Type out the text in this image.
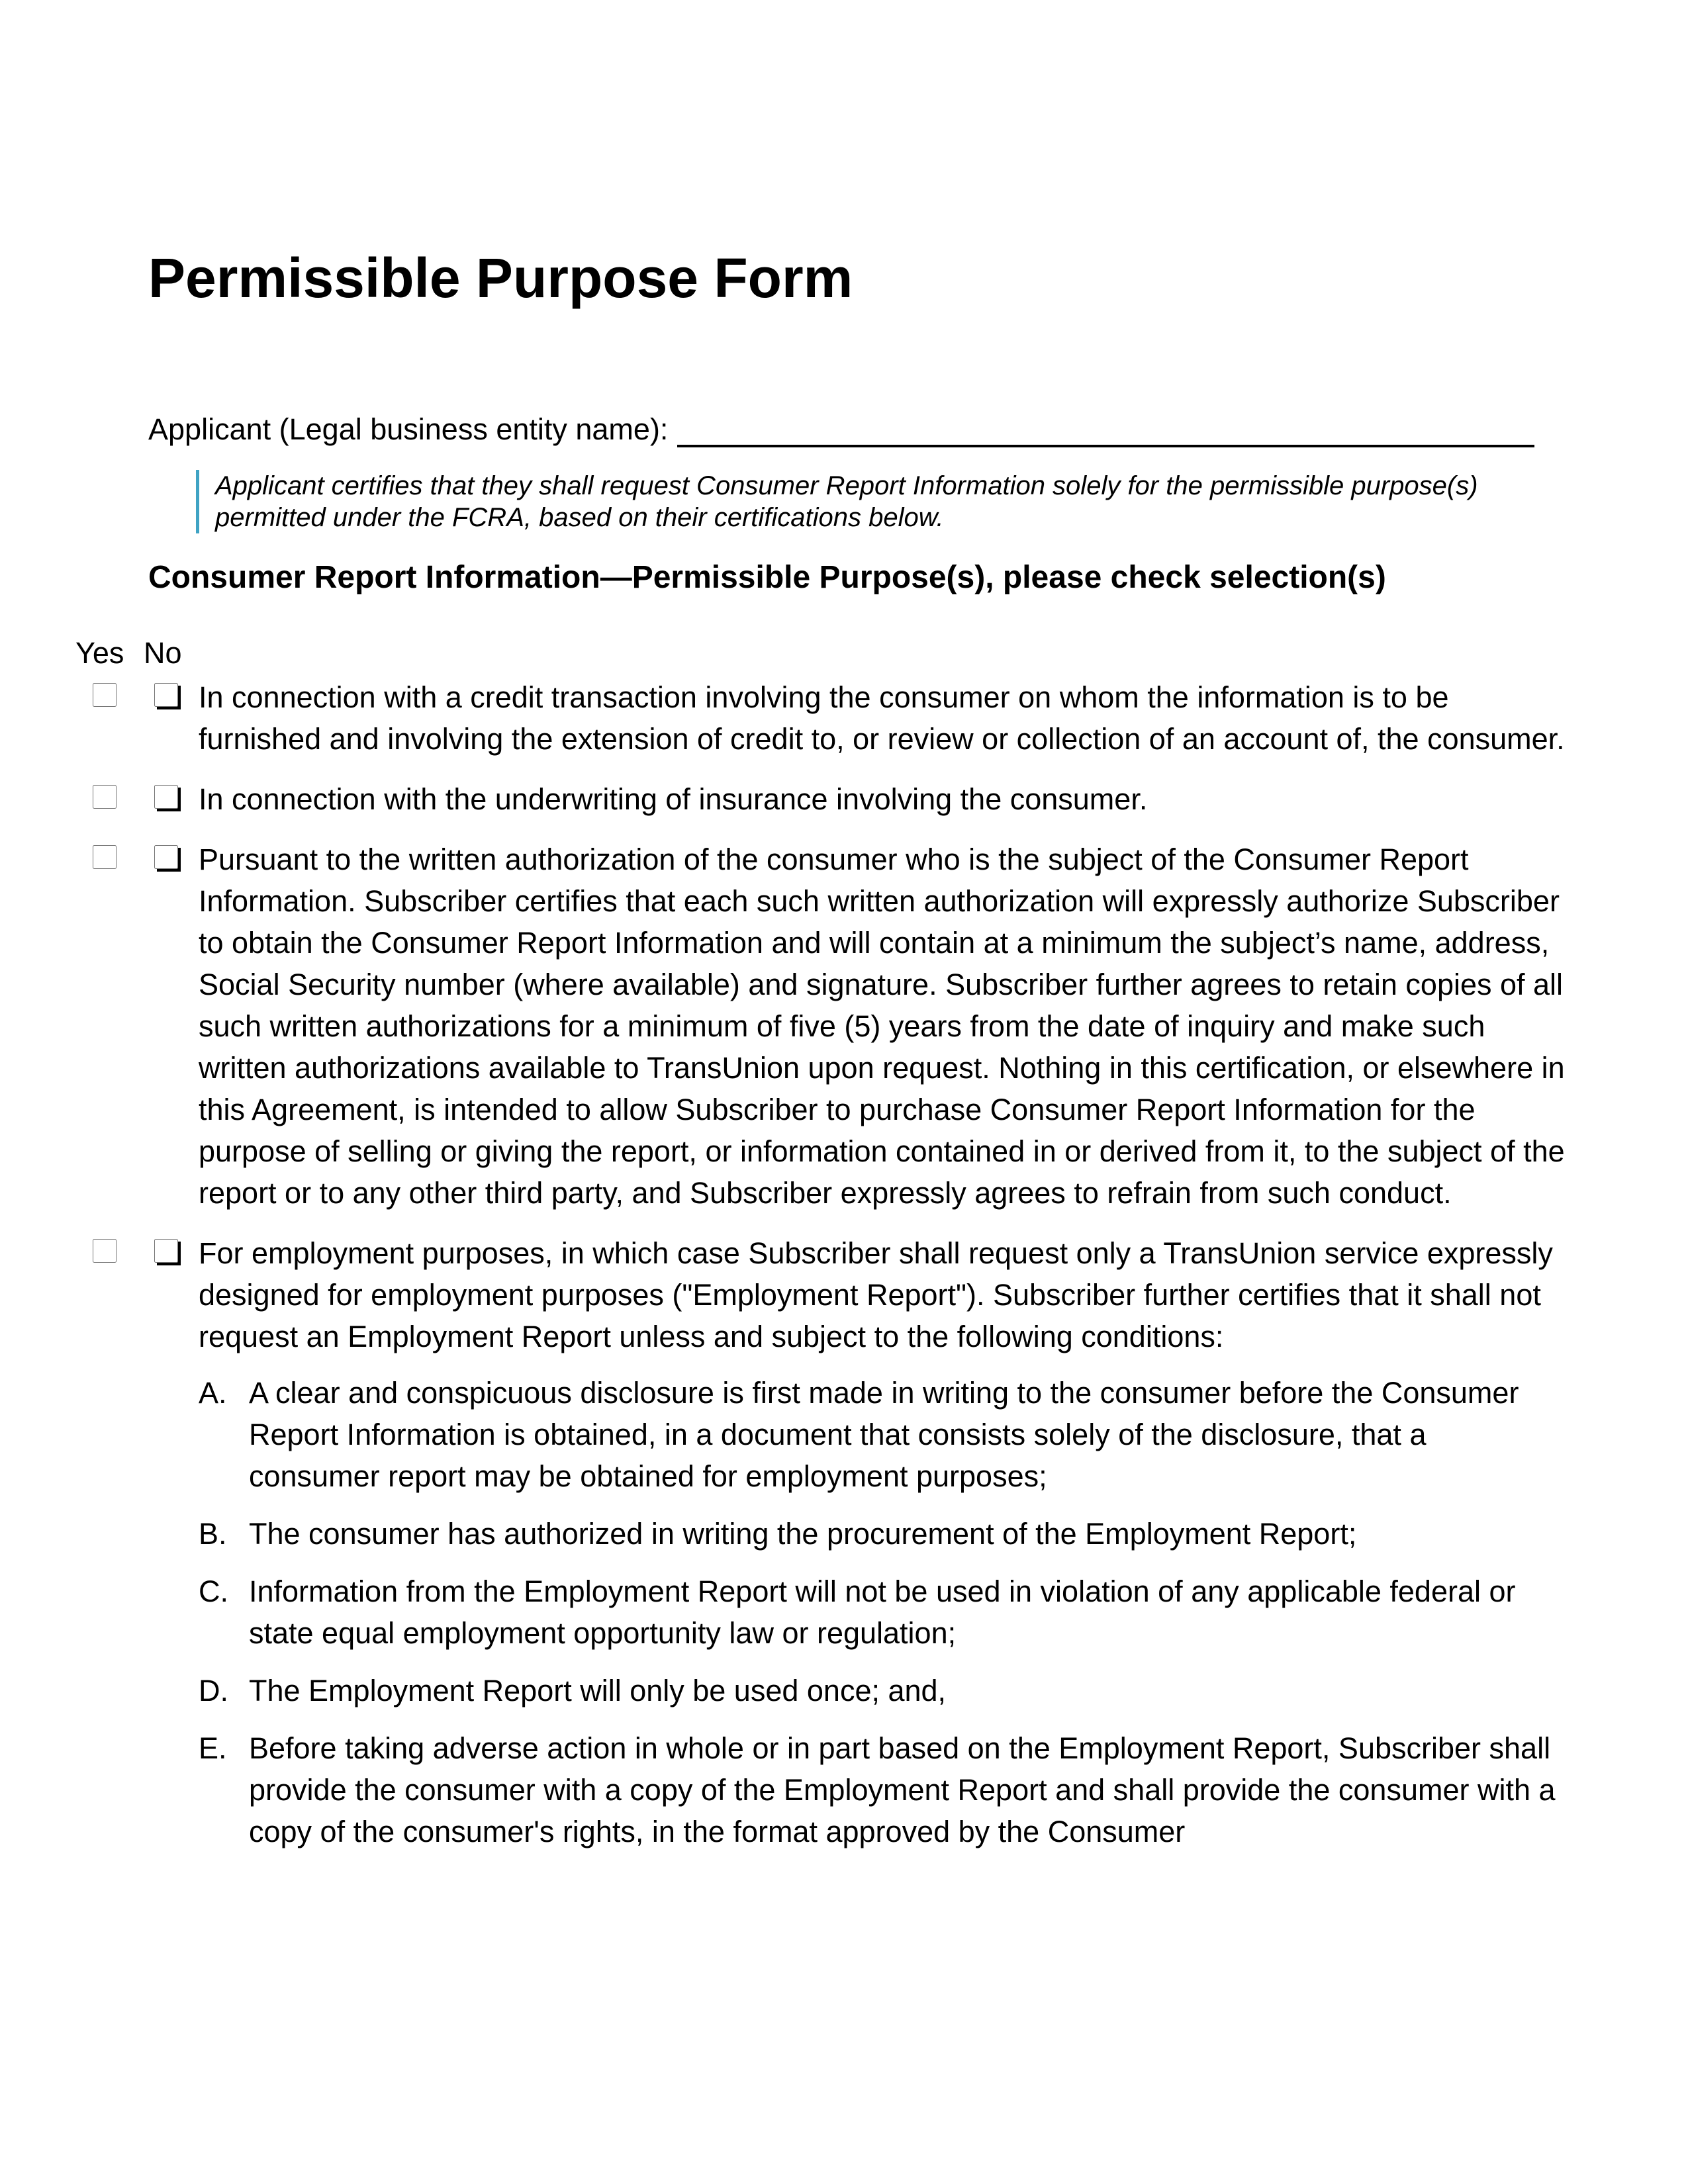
Permissible Purpose Form
Applicant (Legal business entity name):
Applicant certifies that they shall request Consumer Report Information solely for the permissible purpose(s) permitted under the FCRA, based on their certifications below.
Consumer Report Information—Permissible Purpose(s), please check selection(s)
Yes No
In connection with a credit transaction involving the consumer on whom the information is to be furnished and involving the extension of credit to, or review or collection of an account of, the consumer.
In connection with the underwriting of insurance involving the consumer.
Pursuant to the written authorization of the consumer who is the subject of the Consumer Report Information. Subscriber certifies that each such written authorization will expressly authorize Subscriber to obtain the Consumer Report Information and will contain at a minimum the subject’s name, address, Social Security number (where available) and signature. Subscriber further agrees to retain copies of all such written authorizations for a minimum of five (5) years from the date of inquiry and make such written authorizations available to TransUnion upon request. Nothing in this certification, or elsewhere in this Agreement, is intended to allow Subscriber to purchase Consumer Report Information for the purpose of selling or giving the report, or information contained in or derived from it, to the subject of the report or to any other third party, and Subscriber expressly agrees to refrain from such conduct.
For employment purposes, in which case Subscriber shall request only a TransUnion service expressly designed for employment purposes ("Employment Report"). Subscriber further certifies that it shall not request an Employment Report unless and subject to the following conditions:
A. A clear and conspicuous disclosure is first made in writing to the consumer before the Consumer Report Information is obtained, in a document that consists solely of the disclosure, that a consumer report may be obtained for employment purposes;
B. The consumer has authorized in writing the procurement of the Employment Report;
C. Information from the Employment Report will not be used in violation of any applicable federal or state equal employment opportunity law or regulation;
D. The Employment Report will only be used once; and,
E. Before taking adverse action in whole or in part based on the Employment Report, Subscriber shall provide the consumer with a copy of the Employment Report and shall provide the consumer with a copy of the consumer's rights, in the format approved by the Consumer
